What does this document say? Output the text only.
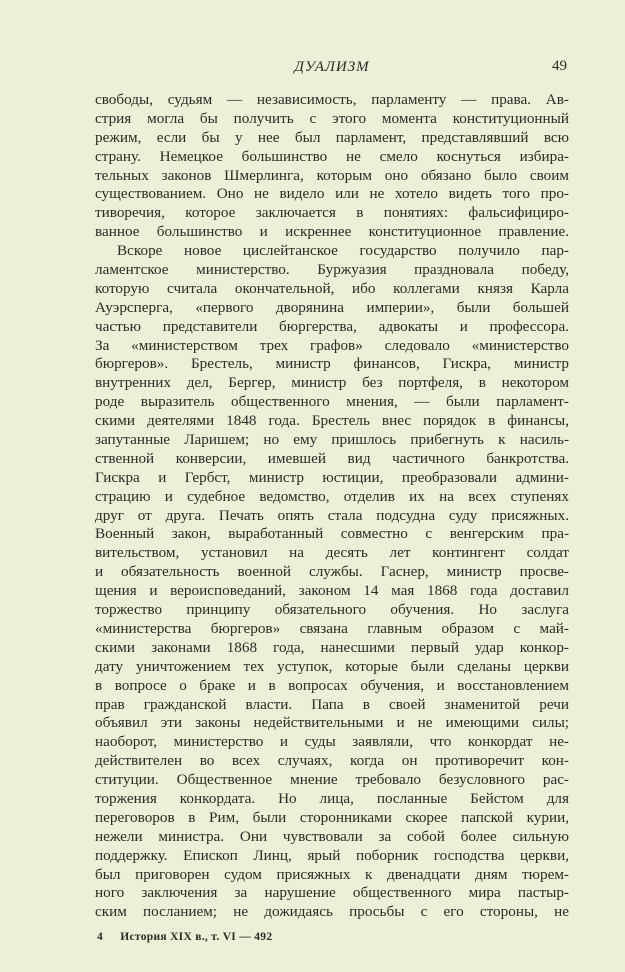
ДУАЛИЗМ	49
свободы, судьям — независимость, парламенту — права. Ав-
стрия могла бы получить с этого момента конституционный
режим, если бы у нее был парламент, представлявший всю
страну. Немецкое большинство не смело коснуться избира-
тельных законов Шмерлинга, которым оно обязано было своим
существованием. Оно не видело или не хотело видеть того про-
тиворечия, которое заключается в понятиях: фальсифициро-
ванное большинство и искреннее конституционное правление.
Вскоре новое цислейтанское государство получило пар-
ламентское министерство. Буржуазия праздновала победу,
которую считала окончательной, ибо коллегами князя Карла
Ауэрсперга, «первого дворянина империи», были большей
частью представители бюргерства, адвокаты и профессора.
За «министерством трех графов» следовало «министерство
бюргеров». Брестель, министр финансов, Гискра, министр
внутренних дел, Бергер, министр без портфеля, в некотором
роде выразитель общественного мнения, — были парламент-
скими деятелями 1848 года. Брестель внес порядок в финансы,
запутанные Ларишем; но ему пришлось прибегнуть к насиль-
ственной конверсии, имевшей вид частичного банкротства.
Гискра и Гербст, министр юстиции, преобразовали админи-
страцию и судебное ведомство, отделив их на всех ступенях
друг от друга. Печать опять стала подсудна суду присяжных.
Военный закон, выработанный совместно с венгерским пра-
вительством, установил на десять лет контингент солдат
и обязательность военной службы. Гаснер, министр просве-
щения и вероисповеданий, законом 14 мая 1868 года доставил
торжество принципу обязательного обучения. Но заслуга
«министерства бюргеров» связана главным образом с май-
скими законами 1868 года, нанесшими первый удар конкор-
дату уничтожением тех уступок, которые были сделаны церкви
в вопросе о браке и в вопросах обучения, и восстановлением
прав гражданской власти. Папа в своей знаменитой речи
объявил эти законы недействительными и не имеющими силы;
наоборот, министерство и суды заявляли, что конкордат не-
действителен во всех случаях, когда он противоречит кон-
ституции. Общественное мнение требовало безусловного рас-
торжения конкордата. Но лица, посланные Бейстом для
переговоров в Рим, были сторонниками скорее папской курии,
нежели министра. Они чувствовали за собой более сильную
поддержку. Епископ Линц, ярый поборник господства церкви,
был приговорен судом присяжных к двенадцати дням тюрем-
ного заключения за нарушение общественного мира пастыр-
ским посланием; не дожидаясь просьбы с его стороны, не
4 История XIX в., т. VI — 492
